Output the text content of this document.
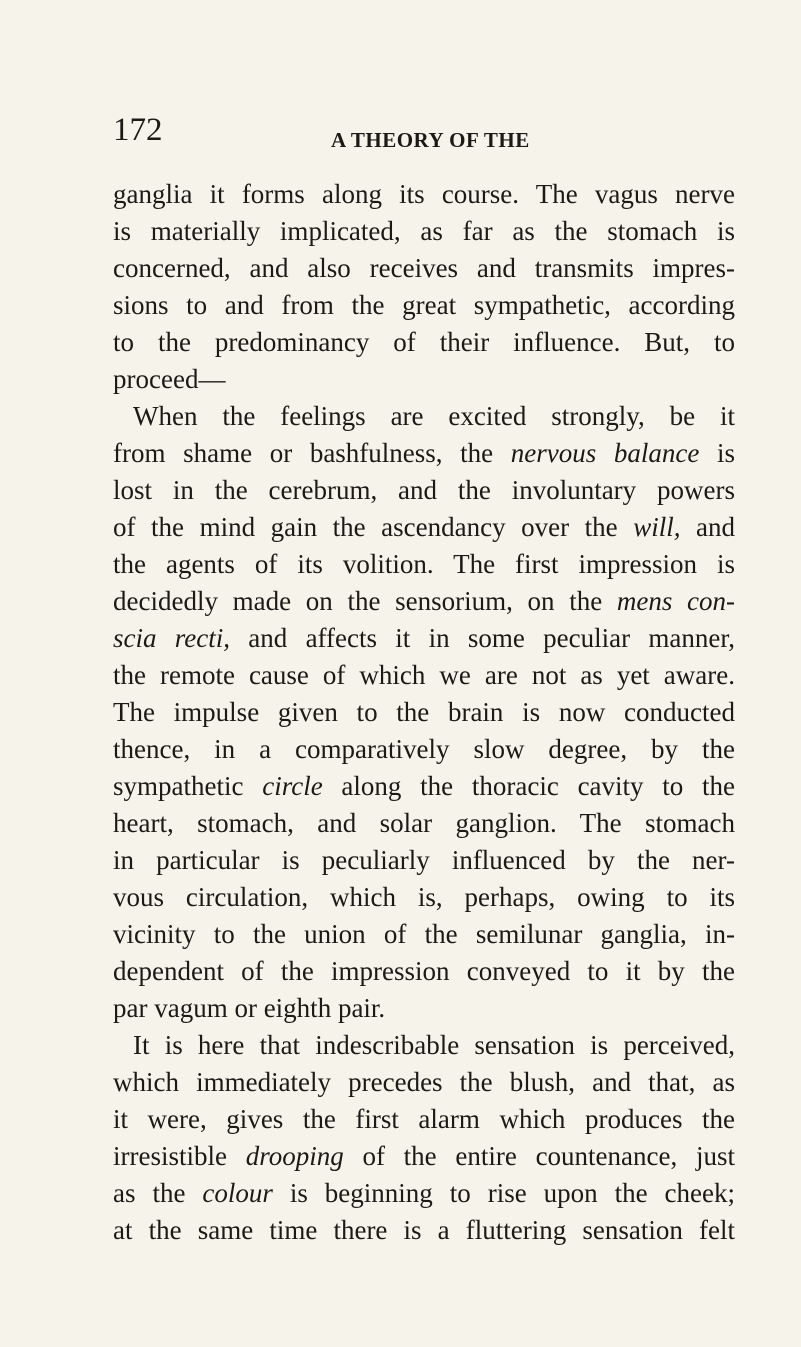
172	A THEORY OF THE
ganglia it forms along its course. The vagus nerve
is materially implicated, as far as the stomach is
concerned, and also receives and transmits impres-
sions to and from the great sympathetic, according
to the predominancy of their influence. But, to
proceed—
When the feelings are excited strongly, be it
from shame or bashfulness, the nervous balance is
lost in the cerebrum, and the involuntary powers
of the mind gain the ascendancy over the will, and
the agents of its volition. The first impression is
decidedly made on the sensorium, on the mens con-
scia recti, and affects it in some peculiar manner,
the remote cause of which we are not as yet aware.
The impulse given to the brain is now conducted
thence, in a comparatively slow degree, by the
sympathetic circle along the thoracic cavity to the
heart, stomach, and solar ganglion. The stomach
in particular is peculiarly influenced by the ner-
vous circulation, which is, perhaps, owing to its
vicinity to the union of the semilunar ganglia, in-
dependent of the impression conveyed to it by the
par vagum or eighth pair.
It is here that indescribable sensation is perceived,
which immediately precedes the blush, and that, as
it were, gives the first alarm which produces the
irresistible drooping of the entire countenance, just
as the colour is beginning to rise upon the cheek;
at the same time there is a fluttering sensation felt
